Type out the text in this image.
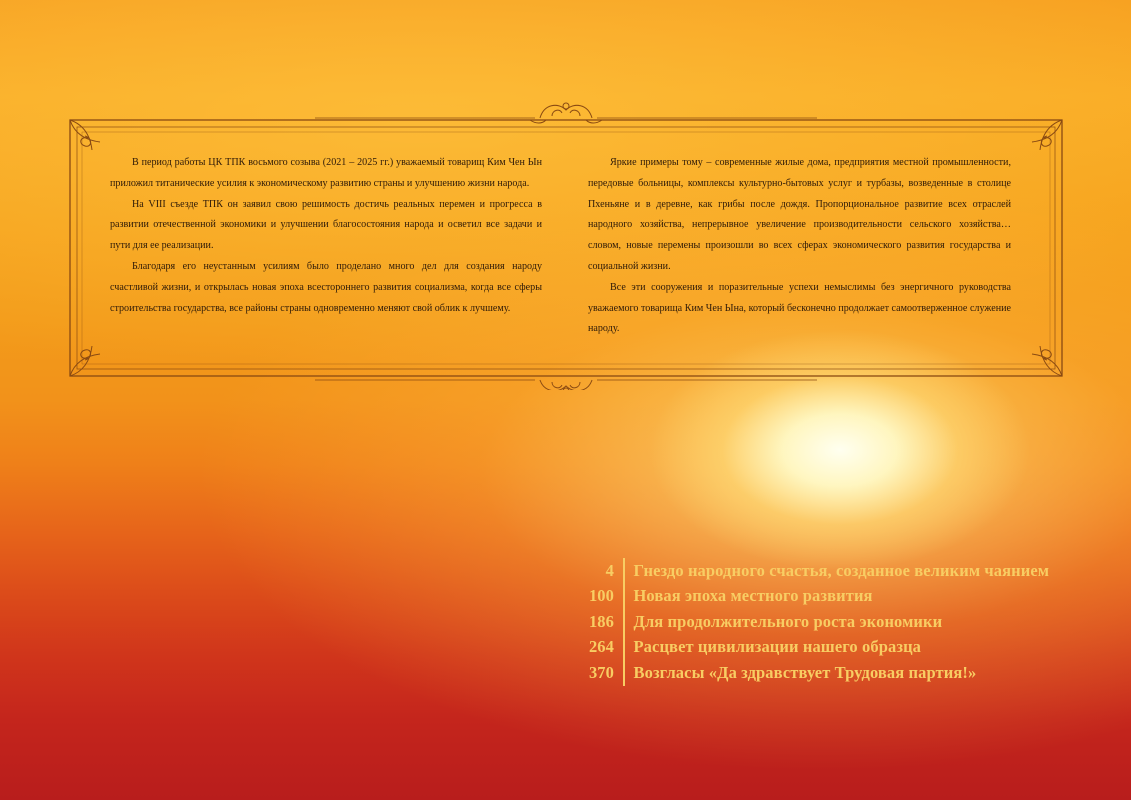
В период работы ЦК ТПК восьмого созыва (2021 – 2025 гг.) уважаемый товарищ Ким Чен Ын приложил титанические усилия к экономическому развитию страны и улучшению жизни народа.

На VIII съезде ТПК он заявил свою решимость достичь реальных перемен и прогресса в развитии отечественной экономики и улучшении благосостояния народа и осветил все задачи и пути для ее реализации.

Благодаря его неустанным усилиям было проделано много дел для создания народу счастливой жизни, и открылась новая эпоха всестороннего развития социализма, когда все сферы строительства государства, все районы страны одновременно меняют свой облик к лучшему.

Яркие примеры тому – современные жилые дома, предприятия местной промышленности, передовые больницы, комплексы культурно-бытовых услуг и турбазы, возведенные в столице Пхеньяне и в деревне, как грибы после дождя. Пропорциональное развитие всех отраслей народного хозяйства, непрерывное увеличение производительности сельского хозяйства… словом, новые перемены произошли во всех сферах экономического развития государства и социальной жизни.

Все эти сооружения и поразительные успехи немыслимы без энергичного руководства уважаемого товарища Ким Чен Ына, который бесконечно продолжает самоотверженное служение народу.

4 Гнездо народного счастья, созданное великим чаянием
100 Новая эпоха местного развития
186 Для продолжительного роста экономики
264 Расцвет цивилизации нашего образца
370 Возгласы «Да здравствует Трудовая партия!»
